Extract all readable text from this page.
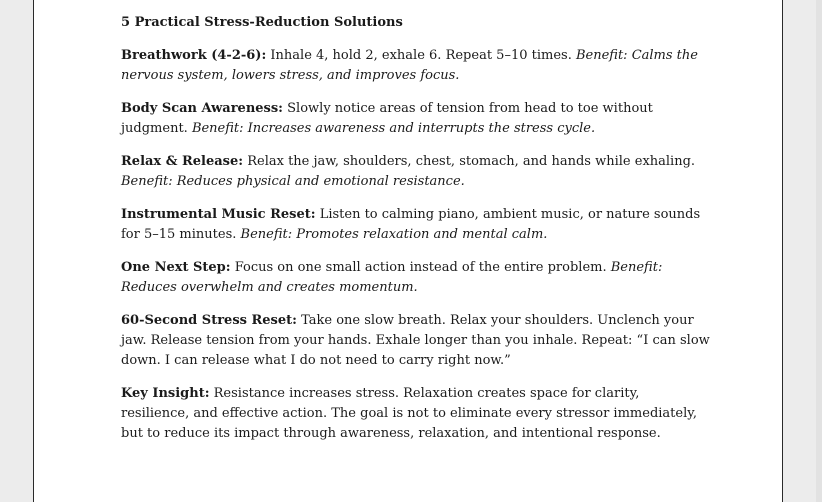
5 Practical Stress-Reduction Solutions
Breathwork (4-2-6): Inhale 4, hold 2, exhale 6. Repeat 5–10 times. Benefit: Calms the nervous system, lowers stress, and improves focus.
Body Scan Awareness: Slowly notice areas of tension from head to toe without judgment. Benefit: Increases awareness and interrupts the stress cycle.
Relax & Release: Relax the jaw, shoulders, chest, stomach, and hands while exhaling. Benefit: Reduces physical and emotional resistance.
Instrumental Music Reset: Listen to calming piano, ambient music, or nature sounds for 5–15 minutes. Benefit: Promotes relaxation and mental calm.
One Next Step: Focus on one small action instead of the entire problem. Benefit: Reduces overwhelm and creates momentum.
60-Second Stress Reset: Take one slow breath. Relax your shoulders. Unclench your jaw. Release tension from your hands. Exhale longer than you inhale. Repeat: “I can slow down. I can release what I do not need to carry right now.”
Key Insight: Resistance increases stress. Relaxation creates space for clarity, resilience, and effective action. The goal is not to eliminate every stressor immediately, but to reduce its impact through awareness, relaxation, and intentional response.
